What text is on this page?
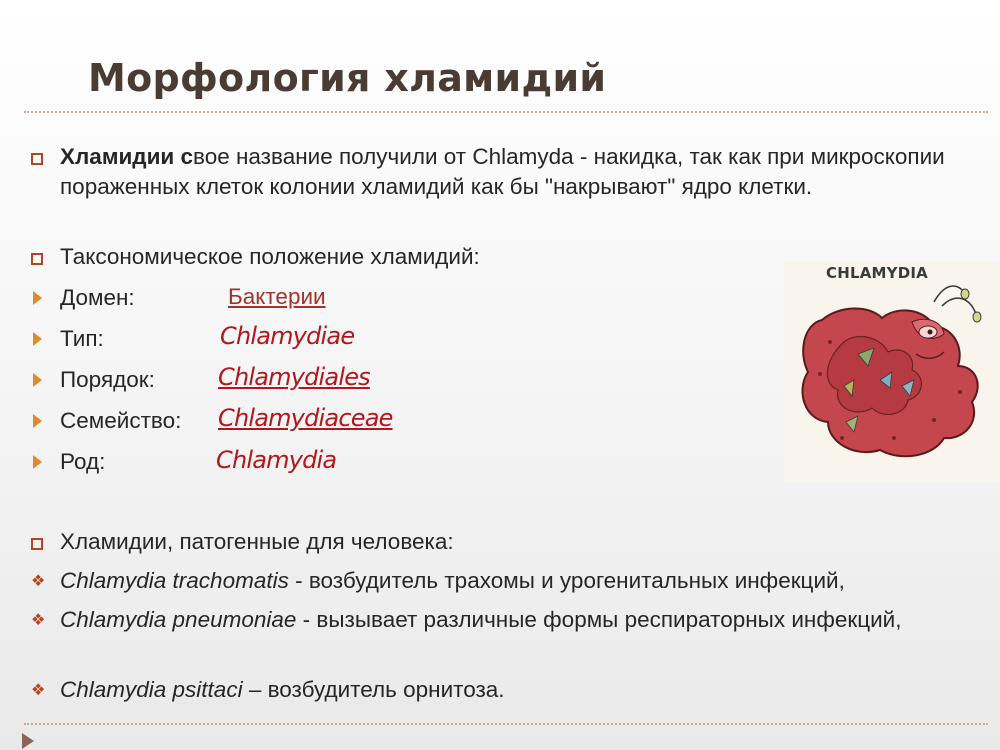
Морфология хламидий
Хламидии свое название получили от Chlamyda - накидка, так как при микроскопии пораженных клеток колонии хламидий как бы "накрывают" ядро клетки.
Таксономическое положение хламидий:
Домен:	Бактерии
Тип:	Chlamydiae
Порядок:	Chlamydiales
Семейство: Chlamydiaceae
Род:	Chlamydia
Хламидии, патогенные для человека:
❖ Chlamydia trachomatis - возбудитель трахомы и урогенитальных инфекций,
❖ Chlamydia pneumoniae - вызывает различные формы респираторных инфекций,
❖ Chlamydia psittaci – возбудитель орнитоза.
CHLAMYDIA
